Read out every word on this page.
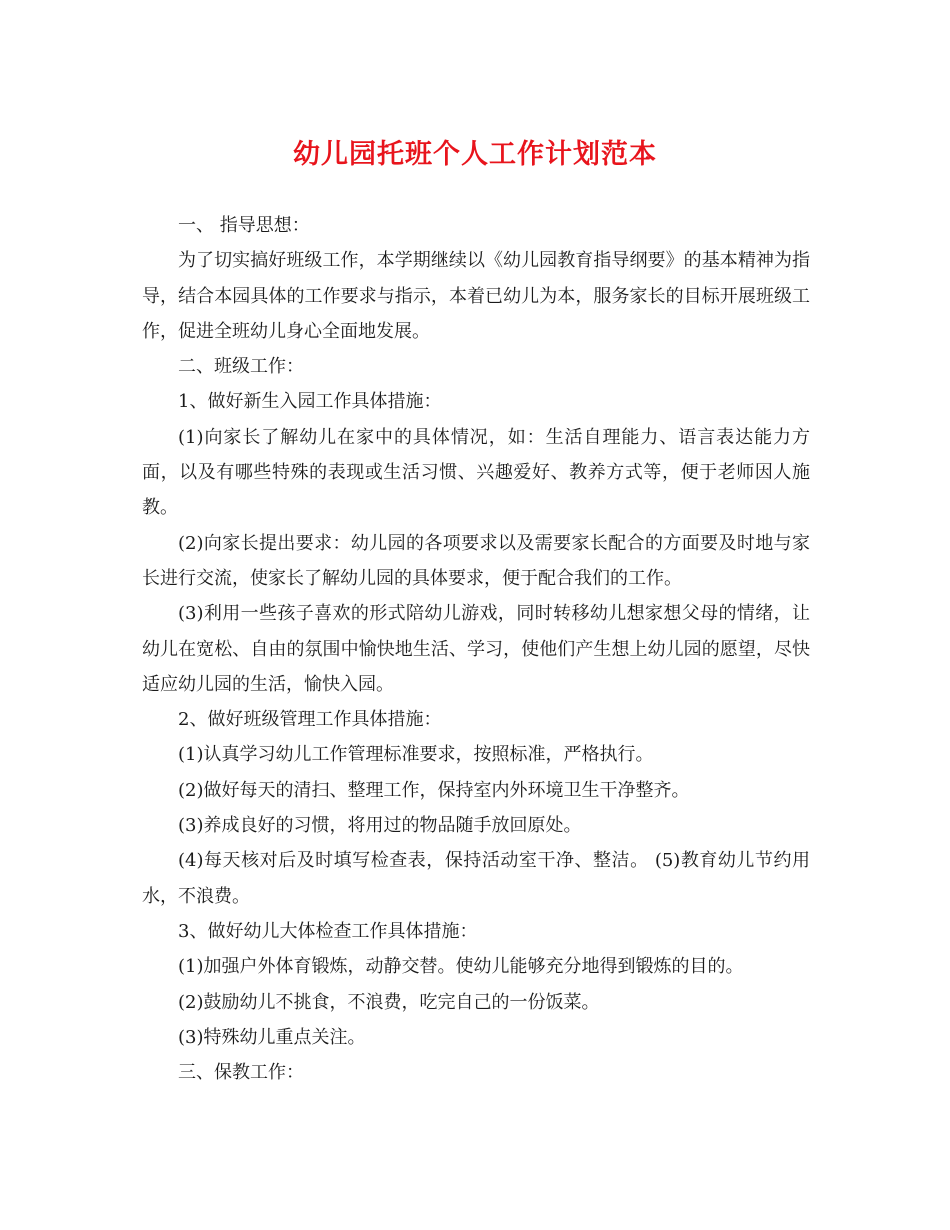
幼儿园托班个人工作计划范本

一、 指导思想：

为了切实搞好班级工作，本学期继续以《幼儿园教育指导纲要》的基本精神为指导，结合本园具体的工作要求与指示，本着已幼儿为本，服务家长的目标开展班级工作，促进全班幼儿身心全面地发展。

二、班级工作：

1、做好新生入园工作具体措施：

(1)向家长了解幼儿在家中的具体情况，如：生活自理能力、语言表达能力方面，以及有哪些特殊的表现或生活习惯、兴趣爱好、教养方式等，便于老师因人施教。

(2)向家长提出要求：幼儿园的各项要求以及需要家长配合的方面要及时地与家长进行交流，使家长了解幼儿园的具体要求，便于配合我们的工作。

(3)利用一些孩子喜欢的形式陪幼儿游戏，同时转移幼儿想家想父母的情绪，让幼儿在宽松、自由的氛围中愉快地生活、学习，使他们产生想上幼儿园的愿望，尽快适应幼儿园的生活，愉快入园。

2、做好班级管理工作具体措施：

(1)认真学习幼儿工作管理标准要求，按照标准，严格执行。

(2)做好每天的清扫、整理工作，保持室内外环境卫生干净整齐。

(3)养成良好的习惯，将用过的物品随手放回原处。

(4)每天核对后及时填写检查表，保持活动室干净、整洁。 (5)教育幼儿节约用水，不浪费。

3、做好幼儿大体检查工作具体措施：

(1)加强户外体育锻炼，动静交替。使幼儿能够充分地得到锻炼的目的。

(2)鼓励幼儿不挑食，不浪费，吃完自己的一份饭菜。

(3)特殊幼儿重点关注。

三、保教工作：
